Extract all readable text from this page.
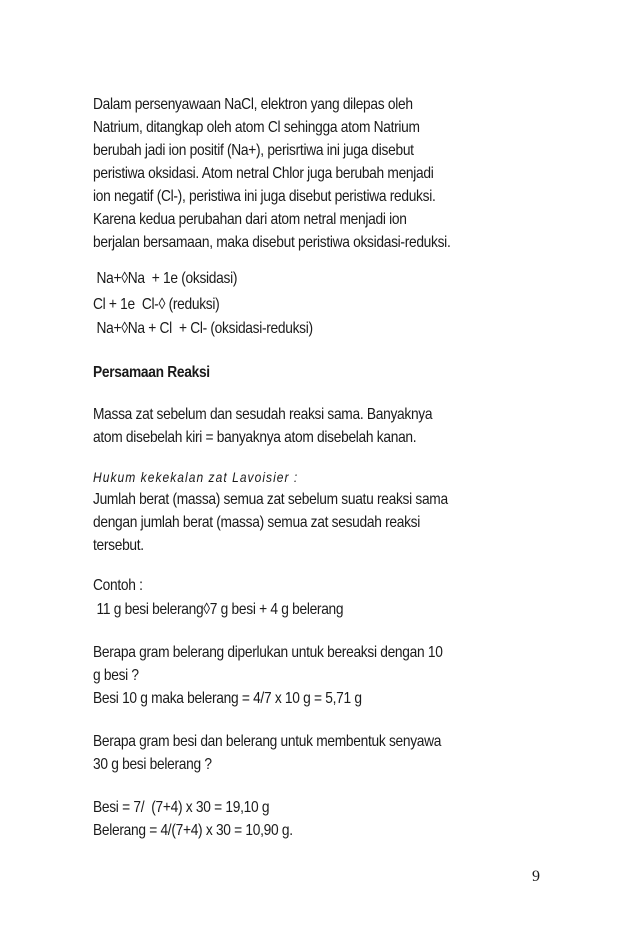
Dalam persenyawaan NaCl, elektron yang dilepas oleh
Natrium, ditangkap oleh atom Cl sehingga atom Natrium
berubah jadi ion positif (Na+), perisrtiwa ini juga disebut
peristiwa oksidasi. Atom netral Chlor juga berubah menjadi
ion negatif (Cl-), peristiwa ini juga disebut peristiwa reduksi.
Karena kedua perubahan dari atom netral menjadi ion
berjalan bersamaan, maka disebut peristiwa oksidasi-reduksi.
Na+◊Na  + 1e (oksidasi)
Cl + 1e  Cl-◊ (reduksi)
Na+◊Na + Cl  + Cl- (oksidasi-reduksi)
Persamaan Reaksi
Massa zat sebelum dan sesudah reaksi sama. Banyaknya
atom disebelah kiri = banyaknya atom disebelah kanan.
Hukum kekekalan zat Lavoisier :
Jumlah berat (massa) semua zat sebelum suatu reaksi sama
dengan jumlah berat (massa) semua zat sesudah reaksi
tersebut.
Contoh :
11 g besi belerang◊7 g besi + 4 g belerang
Berapa gram belerang diperlukan untuk bereaksi dengan 10
g besi ?
Besi 10 g maka belerang = 4/7 x 10 g = 5,71 g
Berapa gram besi dan belerang untuk membentuk senyawa
30 g besi belerang ?
Besi = 7/  (7+4) x 30 = 19,10 g
Belerang = 4/(7+4) x 30 = 10,90 g.
9
